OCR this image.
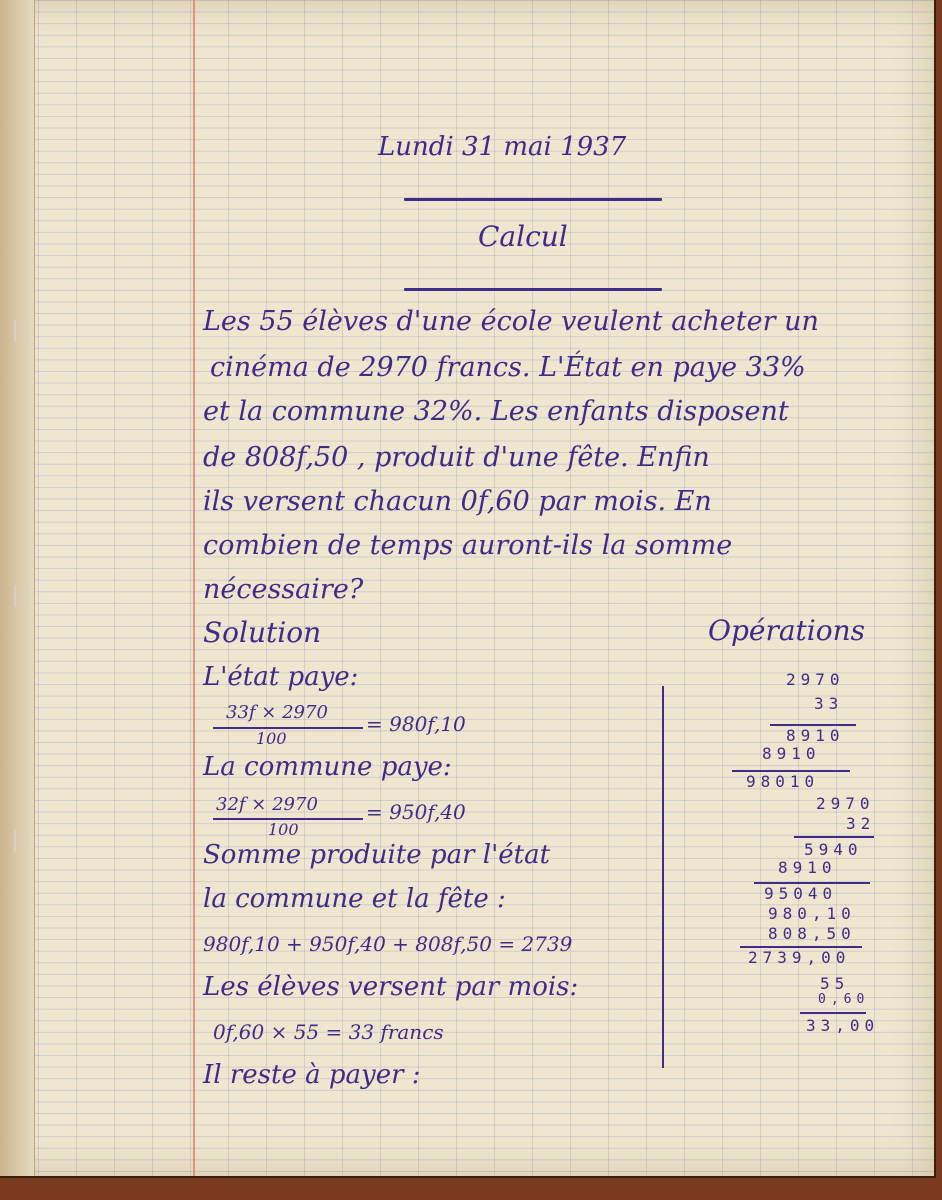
Lundi 31 mai 1937
Calcul
Les 55 élèves d'une école veulent acheter un
cinéma de 2970 francs. L'État en paye 33%
et la commune 32%. Les enfants disposent
de 808f,50 , produit d'une fête. Enfin
ils versent chacun 0f,60 par mois. En
combien de temps auront-ils la somme
nécessaire?
Solution
L'état paye:
33f × 2970
100
= 980f,10
La commune paye:
32f × 2970
100
= 950f,40
Somme produite par l'état
la commune et la fête :
980f,10 + 950f,40 + 808f,50 = 2739
Les élèves versent par mois:
0f,60 × 55 = 33 francs
Il reste à payer :
Opérations
2970
33
8910
8910
98010
2970
32
5940
8910
95040
980,10
808,50
2739,00
55
0,60
33,00
